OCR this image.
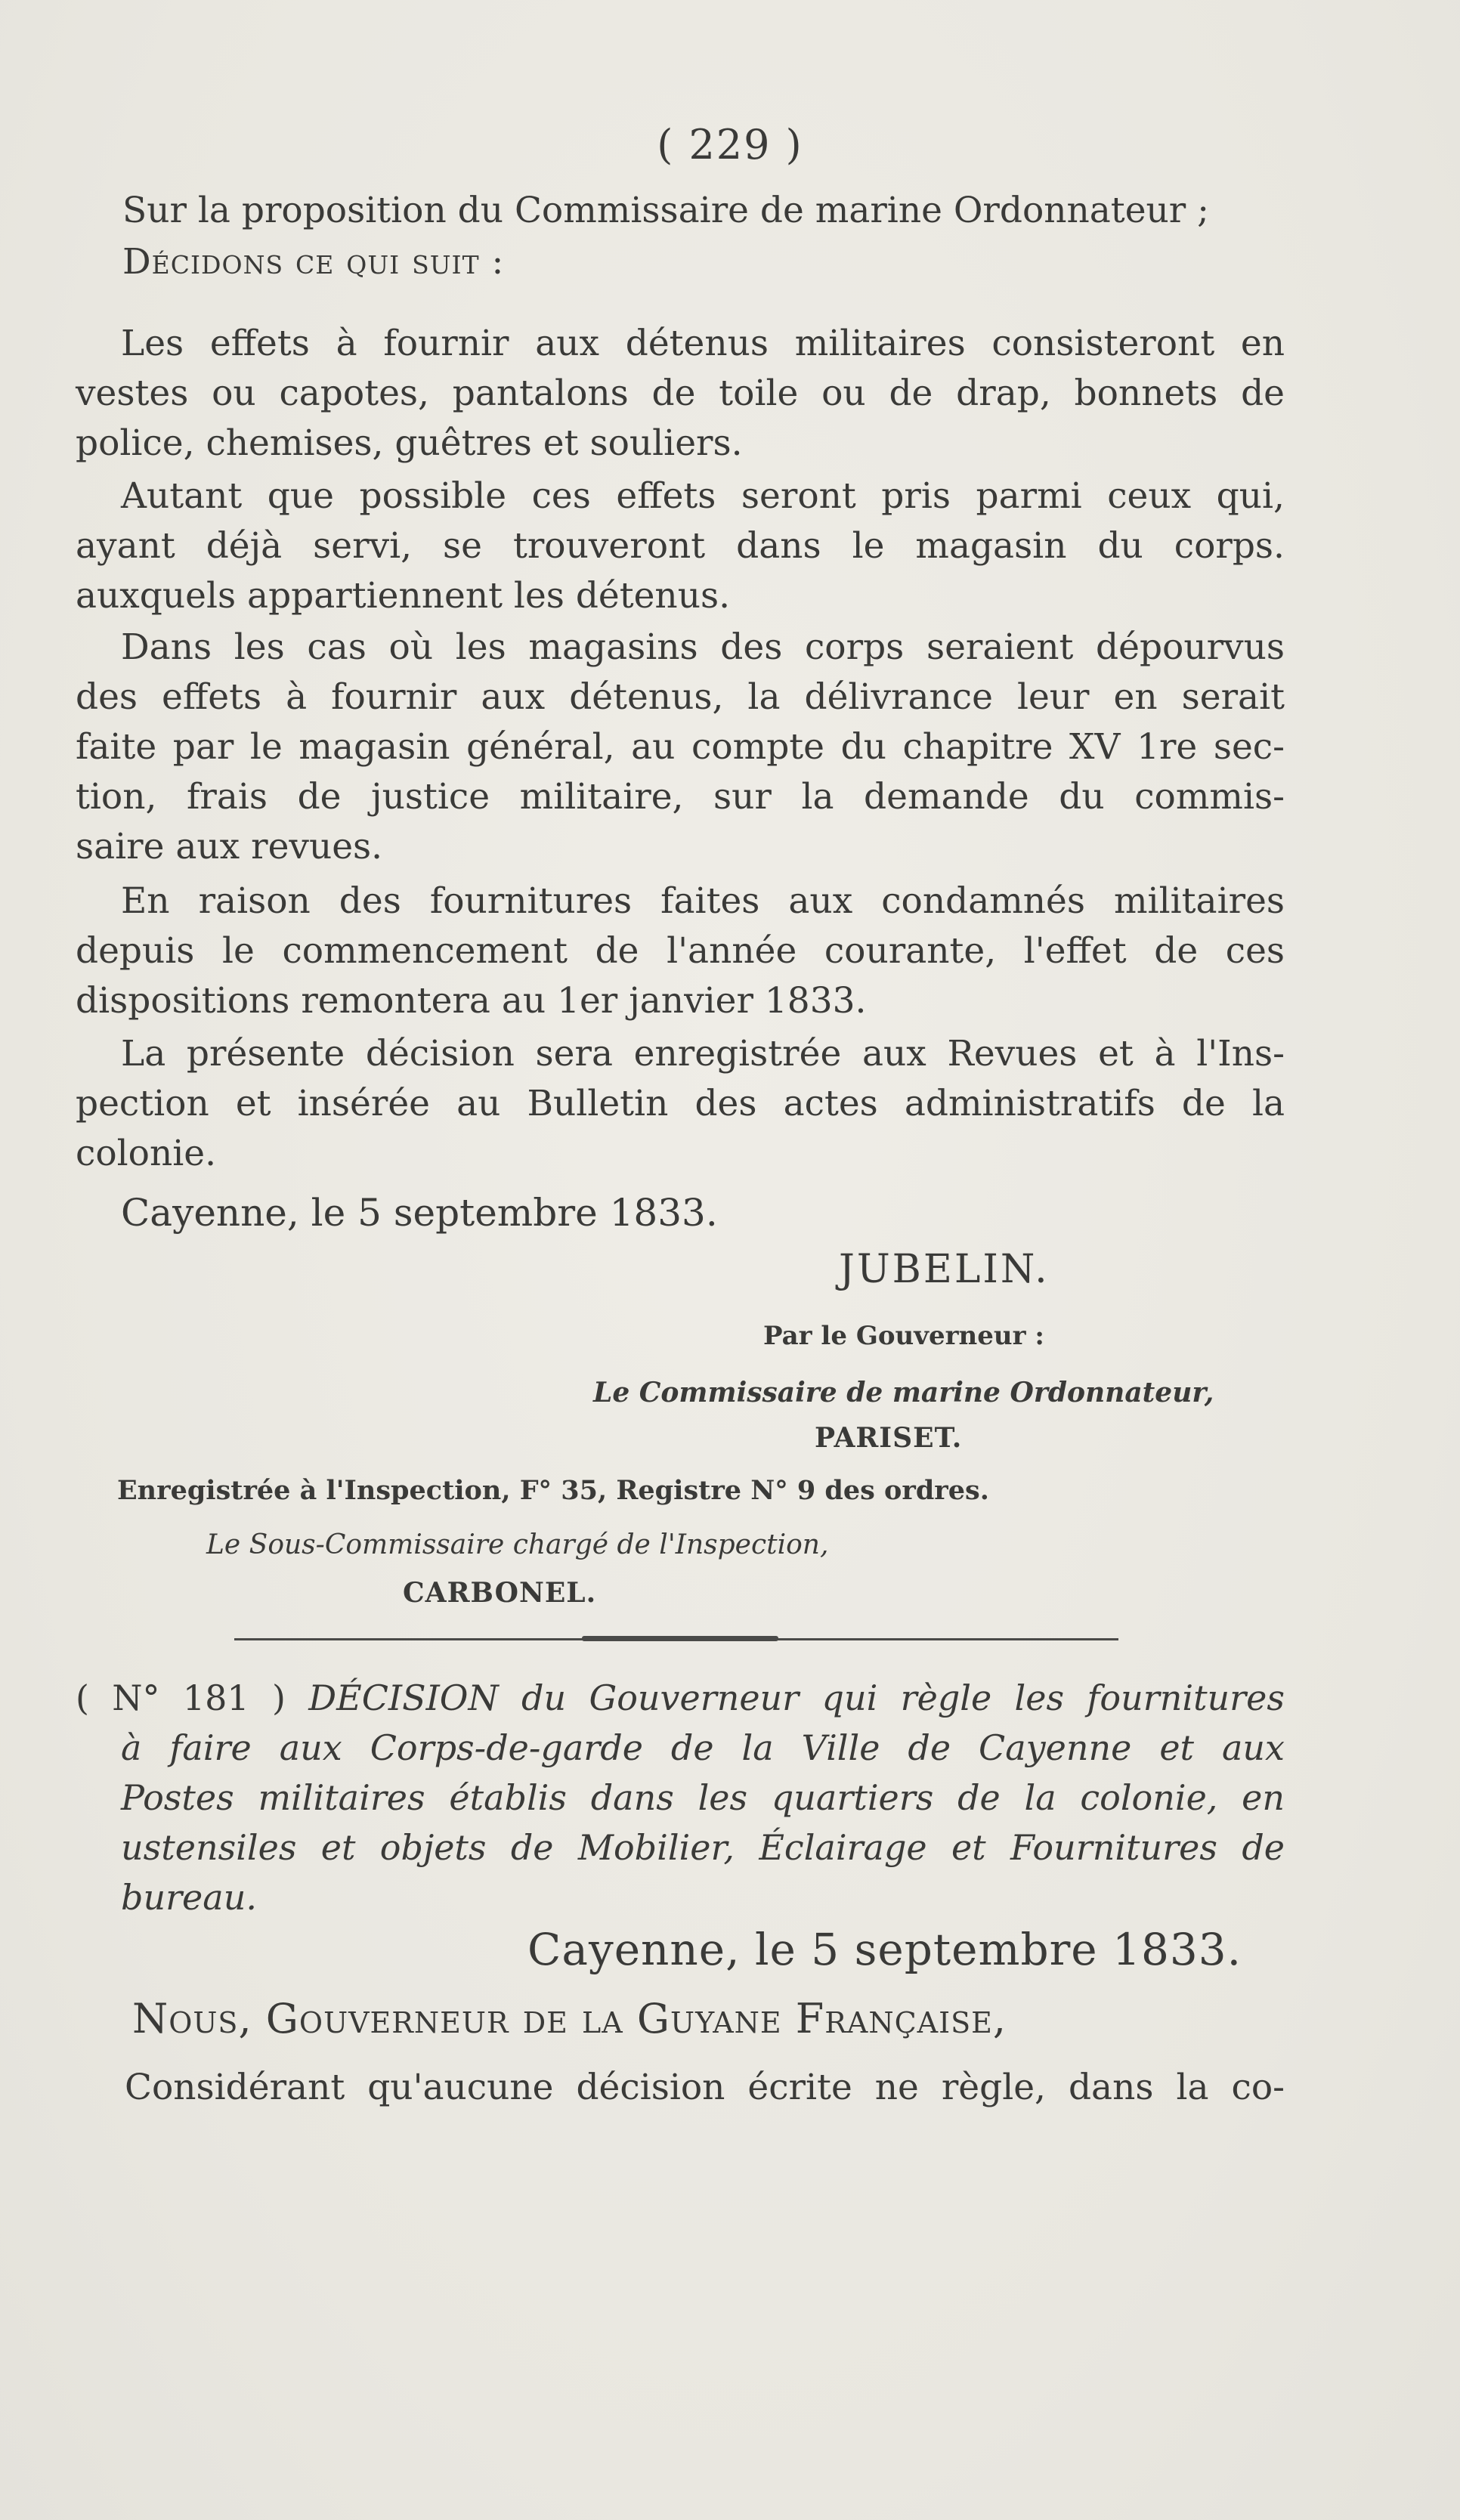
( 229 )
Sur la proposition du Commissaire de marine Ordonnateur ;
Décidons ce qui suit :
Les effets à fournir aux détenus militaires consisteront en
vestes ou capotes, pantalons de toile ou de drap, bonnets de
police, chemises, guêtres et souliers.
Autant que possible ces effets seront pris parmi ceux qui,
ayant déjà servi, se trouveront dans le magasin du corps.
auxquels appartiennent les détenus.
Dans les cas où les magasins des corps seraient dépourvus
des effets à fournir aux détenus, la délivrance leur en serait
faite par le magasin général, au compte du chapitre XV 1re sec-
tion, frais de justice militaire, sur la demande du commis-
saire aux revues.
En raison des fournitures faites aux condamnés militaires
depuis le commencement de l'année courante, l'effet de ces
dispositions remontera au 1er janvier 1833.
La présente décision sera enregistrée aux Revues et à l'Ins-
pection et insérée au Bulletin des actes administratifs de la
colonie.
Cayenne, le 5 septembre 1833.
JUBELIN.
Par le Gouverneur :
Le Commissaire de marine Ordonnateur,
PARISET.
Enregistrée à l'Inspection, F° 35, Registre N° 9 des ordres.
Le Sous-Commissaire chargé de l'Inspection,
CARBONEL.
( N° 181 ) DÉCISION du Gouverneur qui règle les fournitures
à faire aux Corps-de-garde de la Ville de Cayenne et aux
Postes militaires établis dans les quartiers de la colonie, en
ustensiles et objets de Mobilier, Éclairage et Fournitures de
bureau.
Cayenne, le 5 septembre 1833.
Nous, Gouverneur de la Guyane Française,
Considérant qu'aucune décision écrite ne règle, dans la co-
